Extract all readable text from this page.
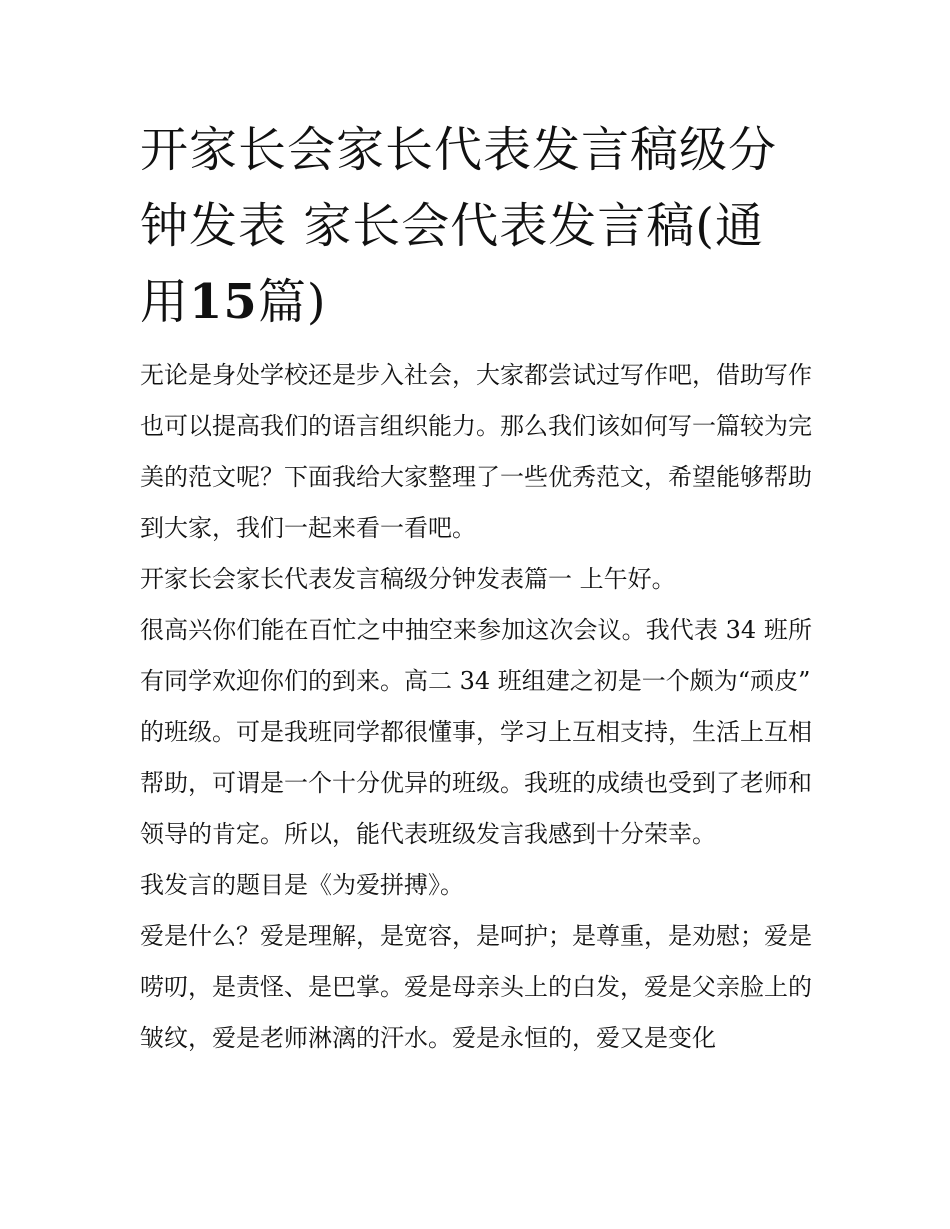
开家长会家长代表发言稿级分钟发表 家长会代表发言稿(通用15篇)

无论是身处学校还是步入社会，大家都尝试过写作吧，借助写作也可以提高我们的语言组织能力。那么我们该如何写一篇较为完美的范文呢？下面我给大家整理了一些优秀范文，希望能够帮助到大家，我们一起来看一看吧。

开家长会家长代表发言稿级分钟发表篇一 上午好。

很高兴你们能在百忙之中抽空来参加这次会议。我代表 34 班所有同学欢迎你们的到来。高二 34 班组建之初是一个颇为“顽皮”

的班级。可是我班同学都很懂事，学习上互相支持，生活上互相帮助，可谓是一个十分优异的班级。我班的成绩也受到了老师和领导的肯定。所以，能代表班级发言我感到十分荣幸。

我发言的题目是《为爱拼搏》。

爱是什么？爱是理解，是宽容，是呵护；是尊重，是劝慰；爱是唠叨，是责怪、是巴掌。爱是母亲头上的白发，爱是父亲脸上的皱纹，爱是老师淋漓的汗水。爱是永恒的，爱又是变化
